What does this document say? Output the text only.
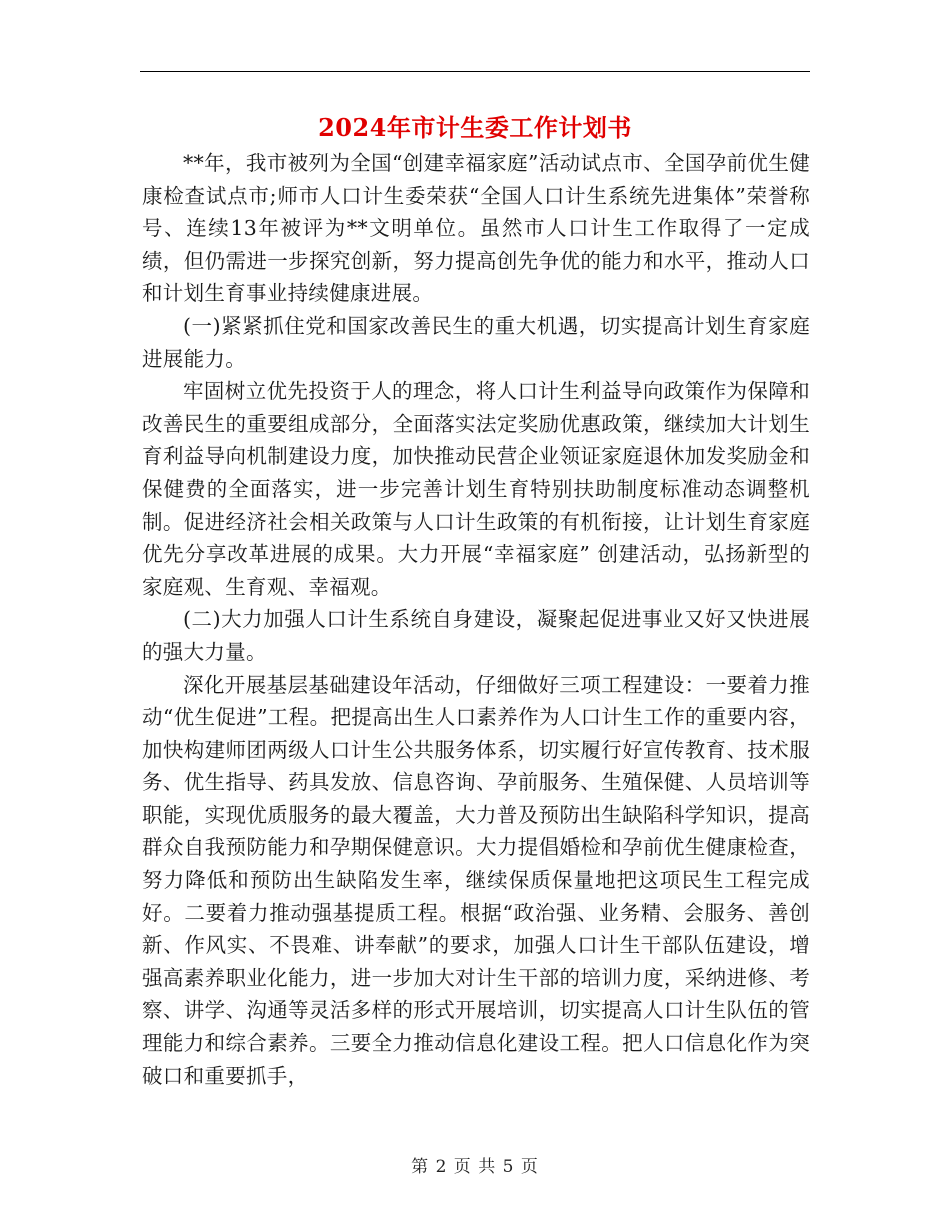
2024年市计生委工作计划书

**年，我市被列为全国“创建幸福家庭”活动试点市、全国孕前优生健康检查试点市;师市人口计生委荣获“全国人口计生系统先进集体”荣誉称号、连续13年被评为**文明单位。虽然市人口计生工作取得了一定成绩，但仍需进一步探究创新，努力提高创先争优的能力和水平，推动人口和计划生育事业持续健康进展。

(一)紧紧抓住党和国家改善民生的重大机遇，切实提高计划生育家庭进展能力。

牢固树立优先投资于人的理念，将人口计生利益导向政策作为保障和改善民生的重要组成部分，全面落实法定奖励优惠政策，继续加大计划生育利益导向机制建设力度，加快推动民营企业领证家庭退休加发奖励金和保健费的全面落实，进一步完善计划生育特别扶助制度标准动态调整机制。促进经济社会相关政策与人口计生政策的有机衔接，让计划生育家庭优先分享改革进展的成果。大力开展“幸福家庭” 创建活动，弘扬新型的家庭观、生育观、幸福观。

(二)大力加强人口计生系统自身建设，凝聚起促进事业又好又快进展的强大力量。

深化开展基层基础建设年活动，仔细做好三项工程建设：一要着力推动“优生促进”工程。把提高出生人口素养作为人口计生工作的重要内容，加快构建师团两级人口计生公共服务体系，切实履行好宣传教育、技术服务、优生指导、药具发放、信息咨询、孕前服务、生殖保健、人员培训等职能，实现优质服务的最大覆盖，大力普及预防出生缺陷科学知识，提高群众自我预防能力和孕期保健意识。大力提倡婚检和孕前优生健康检查，努力降低和预防出生缺陷发生率，继续保质保量地把这项民生工程完成好。二要着力推动强基提质工程。根据“政治强、业务精、会服务、善创新、作风实、不畏难、讲奉献”的要求，加强人口计生干部队伍建设，增强高素养职业化能力，进一步加大对计生干部的培训力度，采纳进修、考察、讲学、沟通等灵活多样的形式开展培训，切实提高人口计生队伍的管理能力和综合素养。三要全力推动信息化建设工程。把人口信息化作为突破口和重要抓手，

第 2 页 共 5 页
